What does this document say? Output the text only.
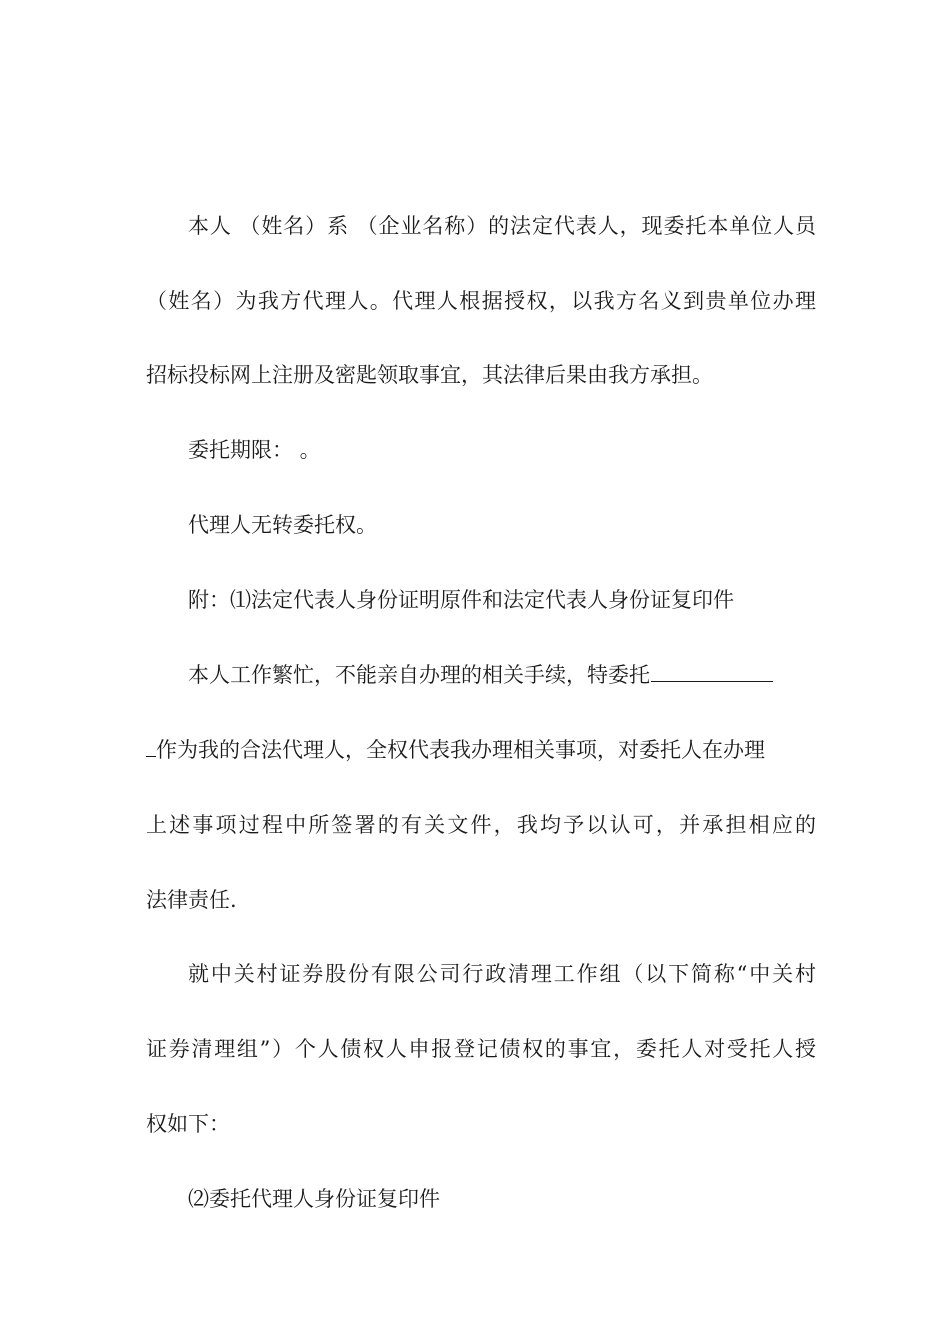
本人 （姓名）系 （企业名称）的法定代表人，现委托本单位人员
（姓名）为我方代理人。代理人根据授权，以我方名义到贵单位办理
招标投标网上注册及密匙领取事宜，其法律后果由我方承担。
委托期限： 。
代理人无转委托权。
附：⑴法定代表人身份证明原件和法定代表人身份证复印件
本人工作繁忙，不能亲自办理的相关手续，特委托
作为我的合法代理人，全权代表我办理相关事项，对委托人在办理
上述事项过程中所签署的有关文件，我均予以认可，并承担相应的
法律责任.
就中关村证券股份有限公司行政清理工作组（以下简称“中关村
证券清理组”）个人债权人申报登记债权的事宜，委托人对受托人授
权如下：
⑵委托代理人身份证复印件
